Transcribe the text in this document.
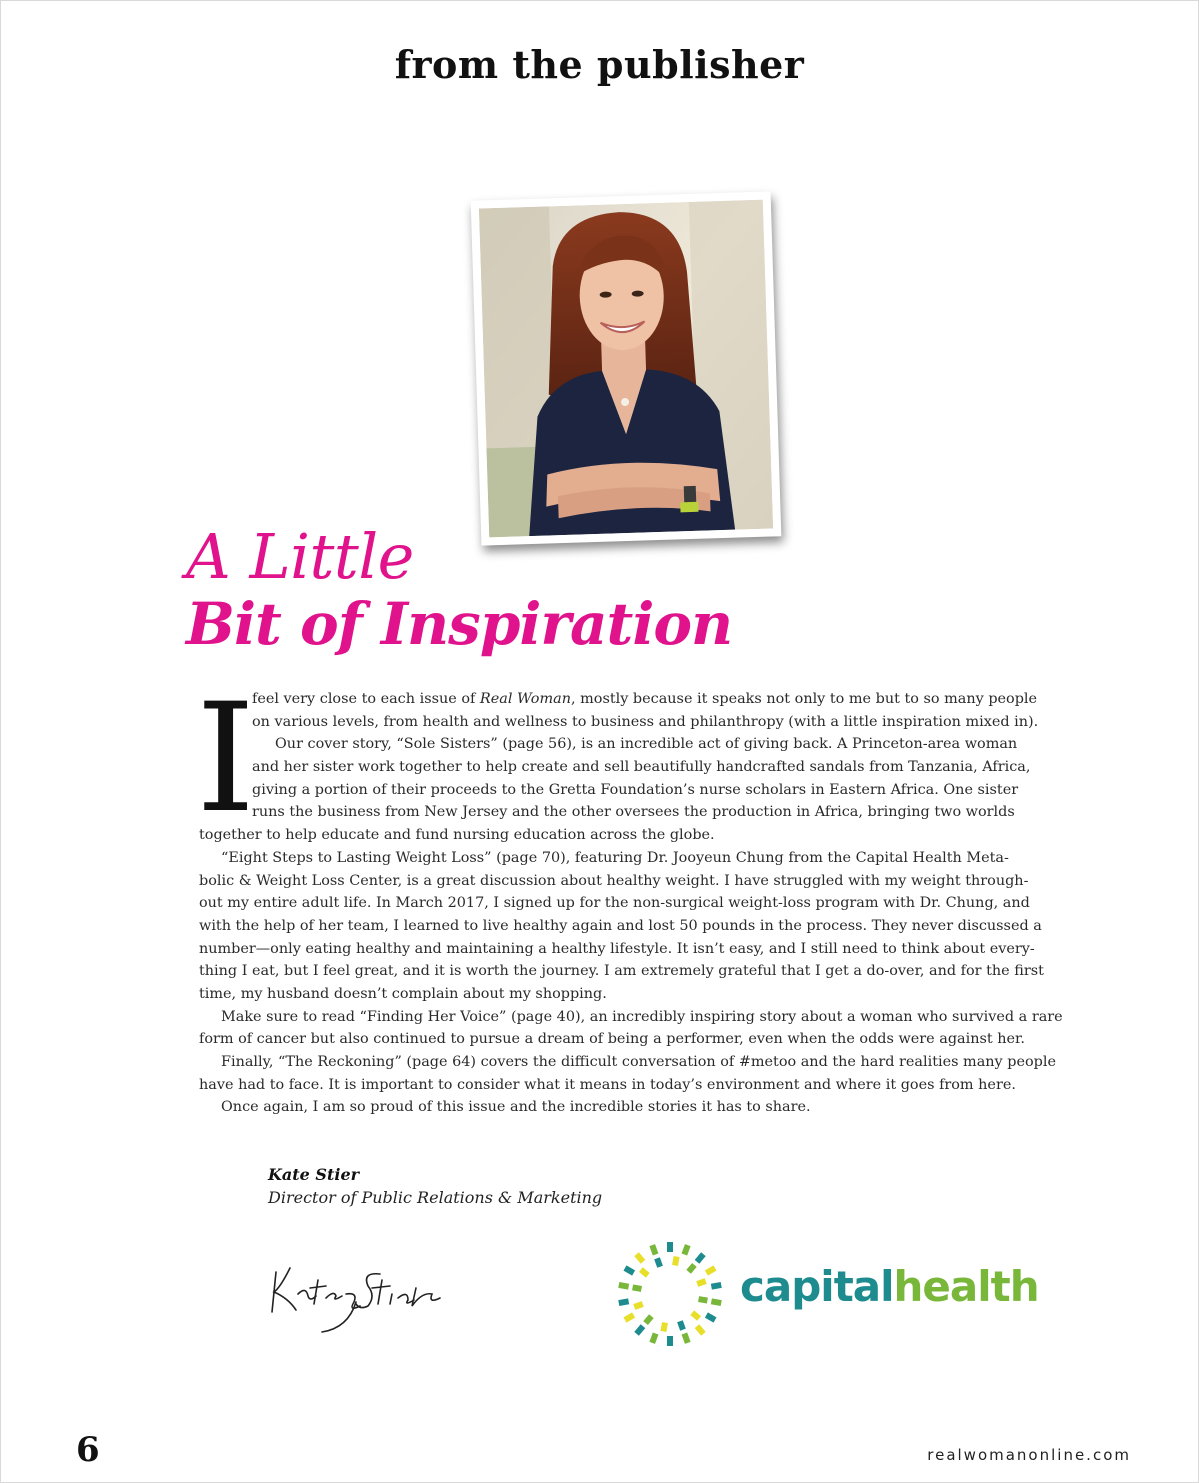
from the publisher
A Little
Bit of Inspiration
I
feel very close to each issue of Real Woman, mostly because it speaks not only to me but to so many people
on various levels, from health and wellness to business and philanthropy (with a little inspiration mixed in).
Our cover story, “Sole Sisters” (page 56), is an incredible act of giving back. A Princeton-area woman
and her sister work together to help create and sell beautifully handcrafted sandals from Tanzania, Africa,
giving a portion of their proceeds to the Gretta Foundation’s nurse scholars in Eastern Africa. One sister
runs the business from New Jersey and the other oversees the production in Africa, bringing two worlds
together to help educate and fund nursing education across the globe.
“Eight Steps to Lasting Weight Loss” (page 70), featuring Dr. Jooyeun Chung from the Capital Health Meta-
bolic & Weight Loss Center, is a great discussion about healthy weight. I have struggled with my weight through-
out my entire adult life. In March 2017, I signed up for the non-surgical weight-loss program with Dr. Chung, and
with the help of her team, I learned to live healthy again and lost 50 pounds in the process. They never discussed a
number—only eating healthy and maintaining a healthy lifestyle. It isn’t easy, and I still need to think about every-
thing I eat, but I feel great, and it is worth the journey. I am extremely grateful that I get a do-over, and for the first
time, my husband doesn’t complain about my shopping.
Make sure to read “Finding Her Voice” (page 40), an incredibly inspiring story about a woman who survived a rare
form of cancer but also continued to pursue a dream of being a performer, even when the odds were against her.
Finally, “The Reckoning” (page 64) covers the difficult conversation of #metoo and the hard realities many people
have had to face. It is important to consider what it means in today’s environment and where it goes from here.
Once again, I am so proud of this issue and the incredible stories it has to share.
Kate Stier
Director of Public Relations & Marketing
capitalhealth
6	realwomanonline.com
